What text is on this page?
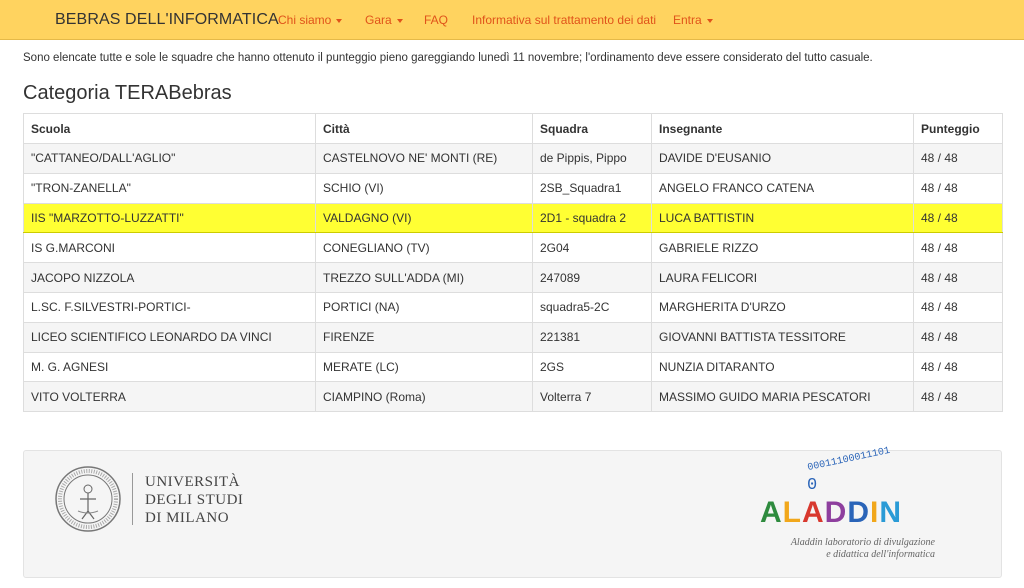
BEBRAS DELL'INFORMATICA Chi siamo	Gara	FAQ Informativa sul trattamento dei dati Entra
Sono elencate tutte e sole le squadre che hanno ottenuto il punteggio pieno gareggiando lunedì 11 novembre; l'ordinamento deve essere considerato del tutto casuale.
Categoria TERABebras
Scuola	Città	Squadra	Insegnante	Punteggio
"CATTANEO/DALL'AGLIO"	CASTELNOVO NE' MONTI (RE)	de Pippis, Pippo	DAVIDE D'EUSANIO	48 / 48
"TRON-ZANELLA"	SCHIO (VI)	2SB_Squadra1	ANGELO FRANCO CATENA	48 / 48
IIS "MARZOTTO-LUZZATTI"	VALDAGNO (VI)	2D1 - squadra 2	LUCA BATTISTIN	48 / 48
IS G.MARCONI	CONEGLIANO (TV)	2G04	GABRIELE RIZZO	48 / 48
JACOPO NIZZOLA	TREZZO SULL'ADDA (MI)	247089	LAURA FELICORI	48 / 48
L.SC. F.SILVESTRI-PORTICI-	PORTICI (NA)	squadra5-2C	MARGHERITA D'URZO	48 / 48
LICEO SCIENTIFICO LEONARDO DA VINCI	FIRENZE	221381	GIOVANNI BATTISTA TESSITORE	48 / 48
M. G. AGNESI	MERATE (LC)	2GS	NUNZIA DITARANTO	48 / 48
VITO VOLTERRA	CIAMPINO (Roma)	Volterra 7	MASSIMO GUIDO MARIA PESCATORI	48 / 48
UNIVERSITÀ
DEGLI STUDI
DI MILANO
0
00011100011101
ALADDIN
Aladdin laboratorio di divulgazione
e didattica dell'informatica
